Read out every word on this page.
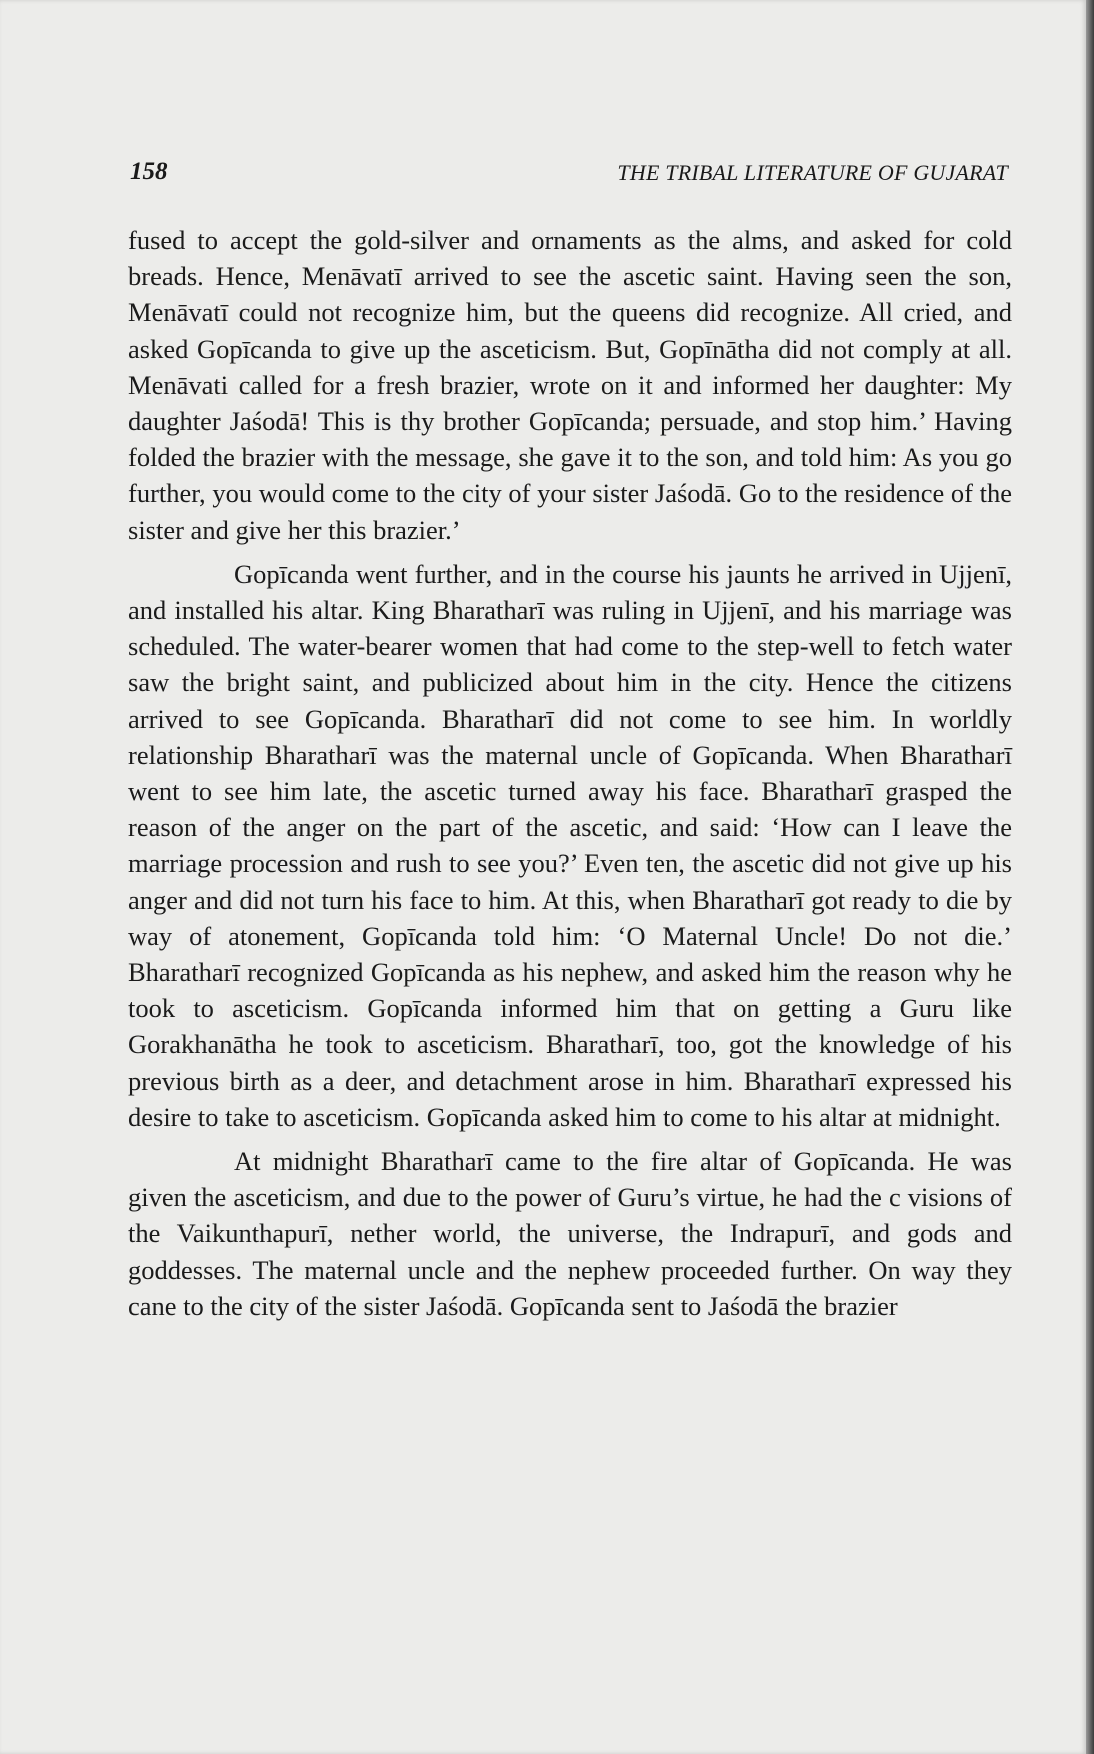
158	THE TRIBAL LITERATURE OF GUJARAT

fused to accept the gold-silver and ornaments as the alms, and asked for cold breads. Hence, Menāvatī arrived to see the ascetic saint. Having seen the son, Menāvatī could not recognize him, but the queens did recognize. All cried, and asked Gopīcanda to give up the asceticism. But, Gopīnātha did not comply at all. Menāvati called for a fresh brazier, wrote on it and informed her daughter: My daughter Jaśodā! This is thy brother Gopīcanda; persuade, and stop him.’ Having folded the brazier with the message, she gave it to the son, and told him: As you go further, you would come to the city of your sister Jaśodā. Go to the residence of the sister and give her this brazier.’

Gopīcanda went further, and in the course his jaunts he arrived in Ujjenī, and installed his altar. King Bharatharī was ruling in Ujjenī, and his marriage was scheduled. The water-bearer women that had come to the step-well to fetch water saw the bright saint, and publicized about him in the city. Hence the citizens arrived to see Gopīcanda. Bharatharī did not come to see him. In worldly relationship Bharatharī was the maternal uncle of Gopīcanda. When Bharatharī went to see him late, the ascetic turned away his face. Bharatharī grasped the reason of the anger on the part of the ascetic, and said: ‘How can I leave the marriage procession and rush to see you?’ Even ten, the ascetic did not give up his anger and did not turn his face to him. At this, when Bharatharī got ready to die by way of atonement, Gopīcanda told him: ‘O Maternal Uncle! Do not die.’ Bharatharī recognized Gopīcanda as his nephew, and asked him the reason why he took to asceticism. Gopīcanda informed him that on getting a Guru like Gorakhanātha he took to asceticism. Bharatharī, too, got the knowledge of his previous birth as a deer, and detachment arose in him. Bharatharī expressed his desire to take to asceticism. Gopīcanda asked him to come to his altar at midnight.

At midnight Bharatharī came to the fire altar of Gopīcanda. He was given the asceticism, and due to the power of Guru’s virtue, he had the c visions of the Vaikunthapurī, nether world, the universe, the Indrapurī, and gods and goddesses. The maternal uncle and the nephew proceeded further. On way they cane to the city of the sister Jaśodā. Gopīcanda sent to Jaśodā the brazier
